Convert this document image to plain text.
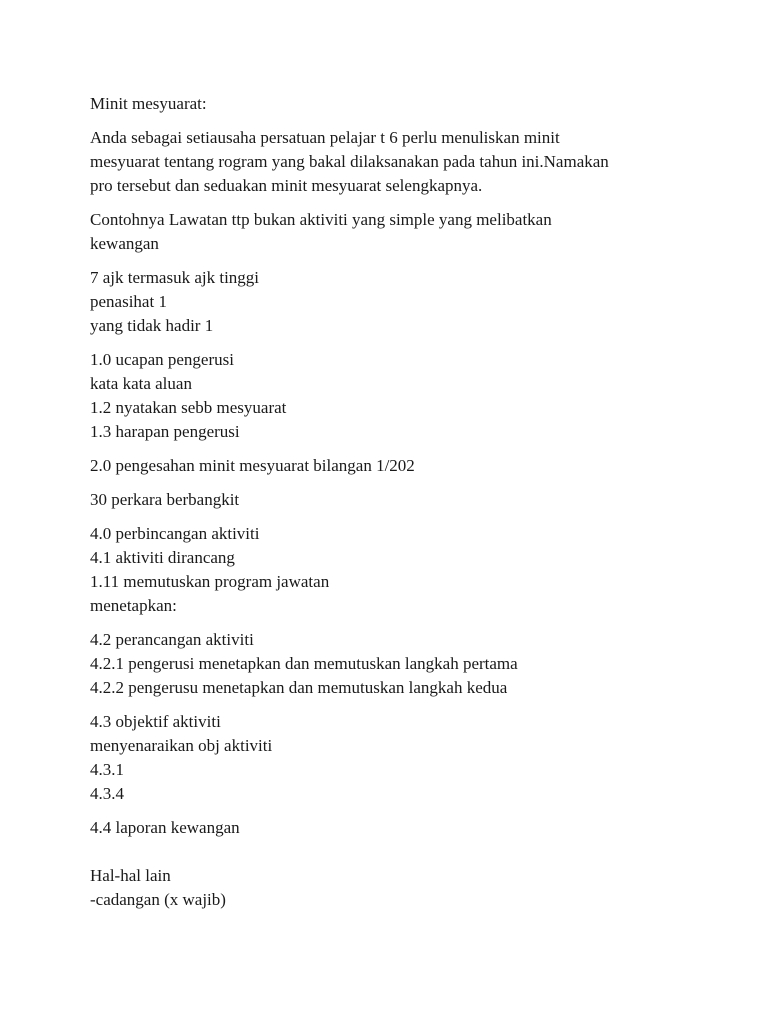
Minit mesyuarat:
Anda sebagai setiausaha persatuan pelajar t 6 perlu menuliskan minit
mesyuarat tentang rogram yang bakal dilaksanakan pada tahun ini.Namakan
pro tersebut dan seduakan minit mesyuarat selengkapnya.
Contohnya Lawatan ttp bukan aktiviti yang simple yang melibatkan
kewangan
7 ajk termasuk ajk tinggi
penasihat 1
yang tidak hadir 1
1.0 ucapan pengerusi
kata kata aluan
1.2 nyatakan sebb mesyuarat
1.3 harapan pengerusi
2.0 pengesahan minit mesyuarat bilangan 1/202
30 perkara berbangkit
4.0 perbincangan aktiviti
4.1 aktiviti dirancang
1.11 memutuskan program jawatan
menetapkan:
4.2 perancangan aktiviti
4.2.1 pengerusi menetapkan dan memutuskan langkah pertama
4.2.2 pengerusu menetapkan dan memutuskan langkah kedua
4.3 objektif aktiviti
menyenaraikan obj aktiviti
4.3.1
4.3.4
4.4 laporan kewangan
Hal-hal lain
-cadangan (x wajib)
